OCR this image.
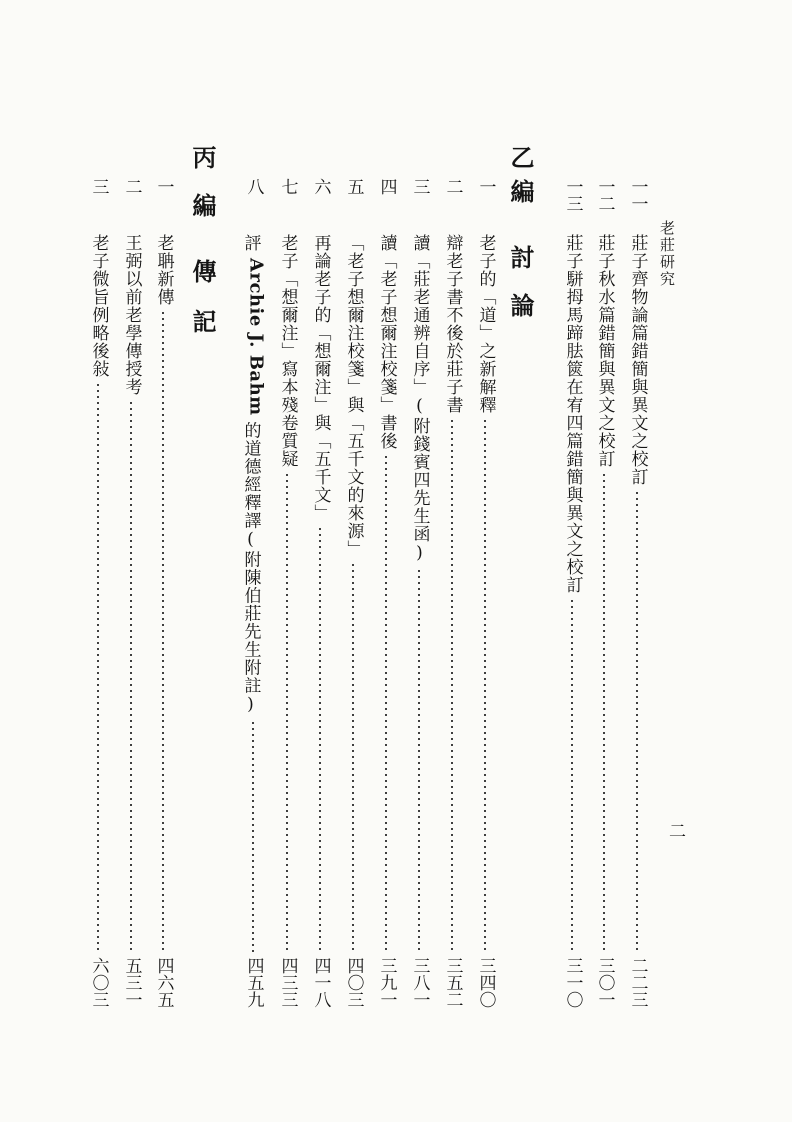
老莊研究
二
一一
莊子齊物論篇錯簡與異文之校訂
二二三
一二
莊子秋水篇錯簡與異文之校訂
三〇一
一三
莊子駢拇馬蹄胠篋在宥四篇錯簡與異文之校訂
三一〇
乙編討論
一
老子的「道」之新解釋
三四〇
二
辯老子書不後於莊子書
三五二
三
讀「莊老通辨自序」(附錢賓四先生函)
三八一
四
讀「老子想爾注校箋」書後
三九一
五
「老子想爾注校箋」與「五千文的來源」
四〇三
六
再論老子的「想爾注」與「五千文」
四一八
七
老子「想爾注」寫本殘卷質疑
四三三
八
評Archie J. Bahm的道德經釋譯(附陳伯莊先生附註)
四五九
丙編傳記
一
老聃新傳
四六五
二
王弼以前老學傳授考
五三一
三
老子微旨例略後敍
六〇三
